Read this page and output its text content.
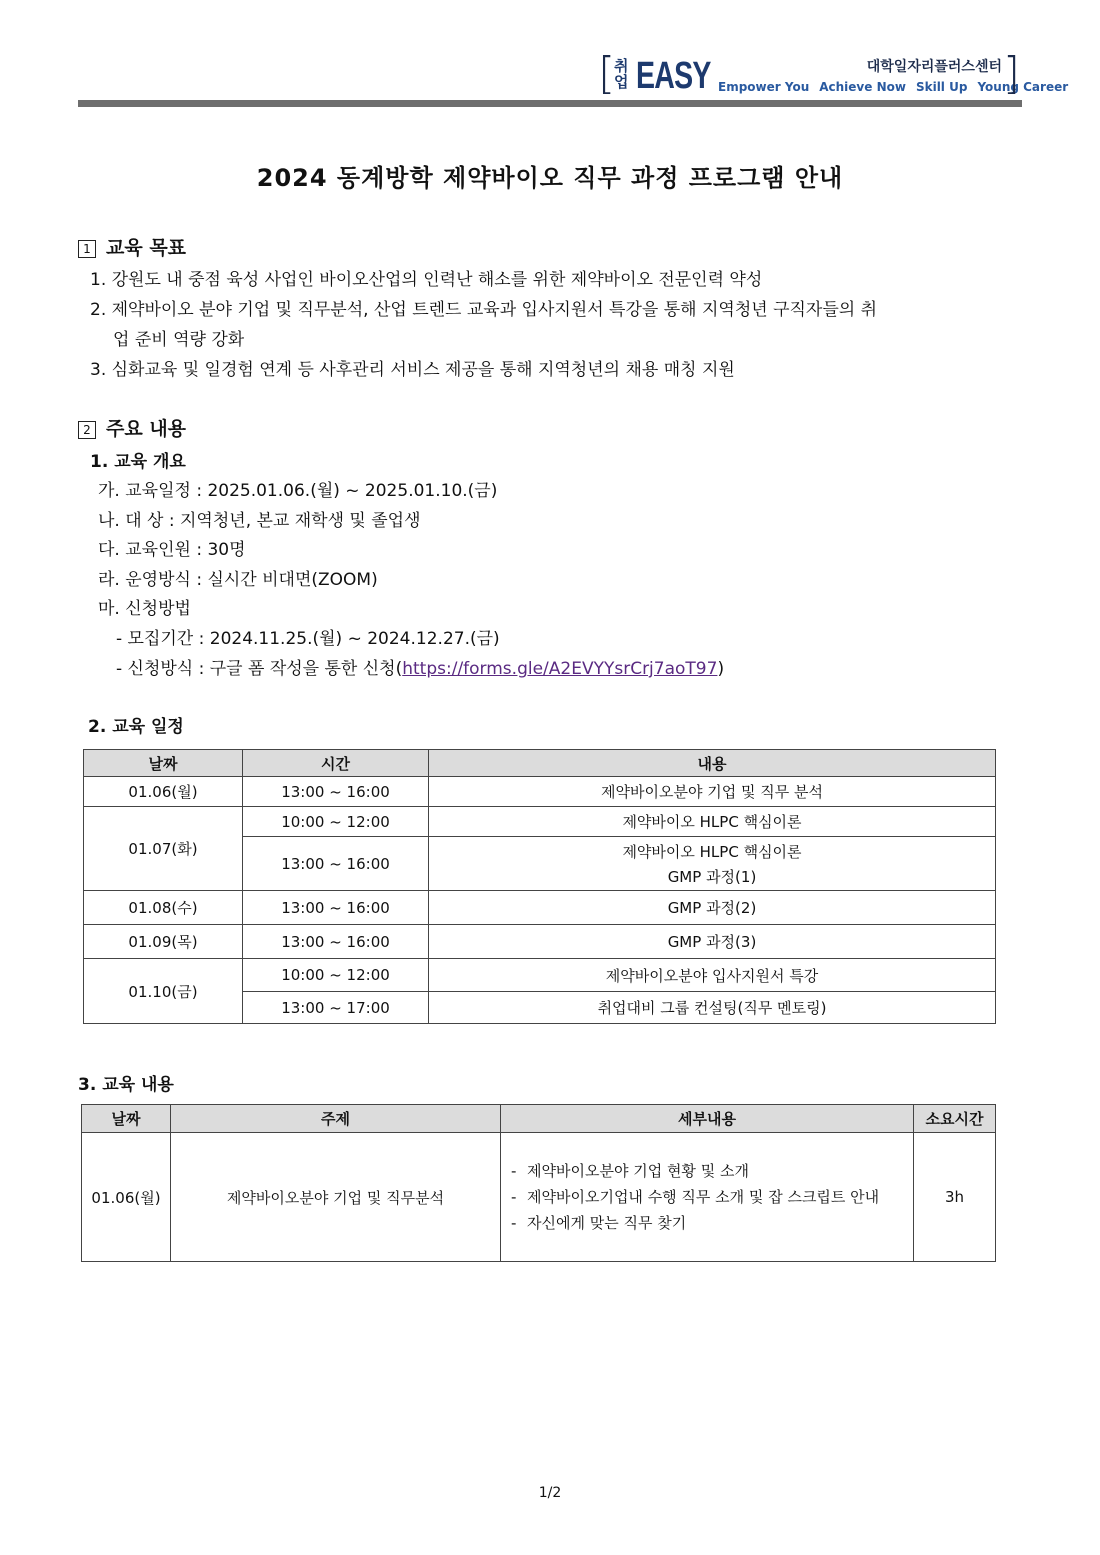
[
취업 EASY	대학일자리플러스센터
Empower You Achieve Now Skill Up Young Career
]
2024 동계방학 제약바이오 직무 과정 프로그램 안내
1 교육 목표
1. 강원도 내 중점 육성 사업인 바이오산업의 인력난 해소를 위한 제약바이오 전문인력 약성
2. 제약바이오 분야 기업 및 직무분석, 산업 트렌드 교육과 입사지원서 특강을 통해 지역청년 구직자들의 취
업 준비 역량 강화
3. 심화교육 및 일경험 연계 등 사후관리 서비스 제공을 통해 지역청년의 채용 매칭 지원
2 주요 내용
1. 교육 개요
가. 교육일정 : 2025.01.06.(월) ~ 2025.01.10.(금)
나. 대 상 : 지역청년, 본교 재학생 및 졸업생
다. 교육인원 : 30명
라. 운영방식 : 실시간 비대면(ZOOM)
마. 신청방법
- 모집기간 : 2024.11.25.(월) ~ 2024.12.27.(금)
- 신청방식 : 구글 폼 작성을 통한 신청(https://forms.gle/A2EVYYsrCrj7aoT97)
2. 교육 일정
날짜	시간	내용
01.06(월)	13:00 ~ 16:00	제약바이오분야 기업 및 직무 분석
01.07(화)	10:00 ~ 12:00	제약바이오 HLPC 핵심이론
	13:00 ~ 16:00	제약바이오 HLPC 핵심이론
GMP 과정(1)

01.08(수)	13:00 ~ 16:00	GMP 과정(2)
01.09(목)	13:00 ~ 16:00	GMP 과정(3)
01.10(금)	10:00 ~ 12:00	제약바이오분야 입사지원서 특강
	13:00 ~ 17:00	취업대비 그룹 컨설팅(직무 멘토링)
3. 교육 내용
날짜	주제	세부내용	소요시간
01.06(월)	제약바이오분야 기업 및 직무분석	- 제약바이오분야 기업 현황 및 소개
- 제약바이오기업내 수행 직무 소개 및 잡 스크립트 안내
- 자신에게 맞는 직무 찾기	3h
1/2
